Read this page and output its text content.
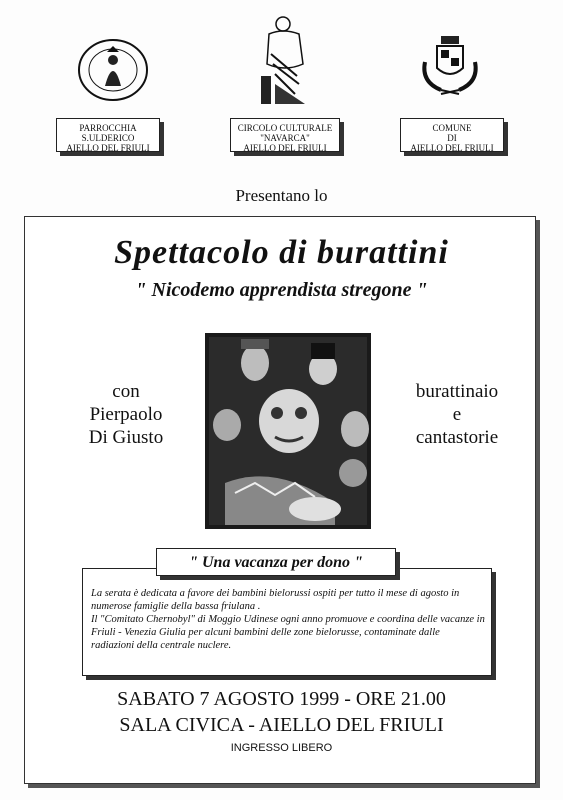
PARROCCHIA
S.ULDERICO
AIELLO DEL FRIULI
CIRCOLO CULTURALE
"NAVARCA"
AIELLO DEL FRIULI
COMUNE
DI
AIELLO DEL FRIULI
Presentano lo
Spettacolo di burattini
" Nicodemo apprendista stregone "
con
Pierpaolo
Di Giusto
burattinaio
e
cantastorie

La serata è dedicata a favore dei bambini bielorussi ospiti per tutto il mese di agosto in numerose famiglie della bassa friulana .

Il "Comitato Chernobyl" di Moggio Udinese ogni anno promuove e coordina delle vacanze in Friuli - Venezia Giulia per alcuni bambini delle zone bielorusse, contaminate dalle radiazioni della centrale nuclere.

" Una vacanza per dono "
SABATO 7 AGOSTO 1999 - ORE 21.00
SALA CIVICA - AIELLO DEL FRIULI
INGRESSO LIBERO
